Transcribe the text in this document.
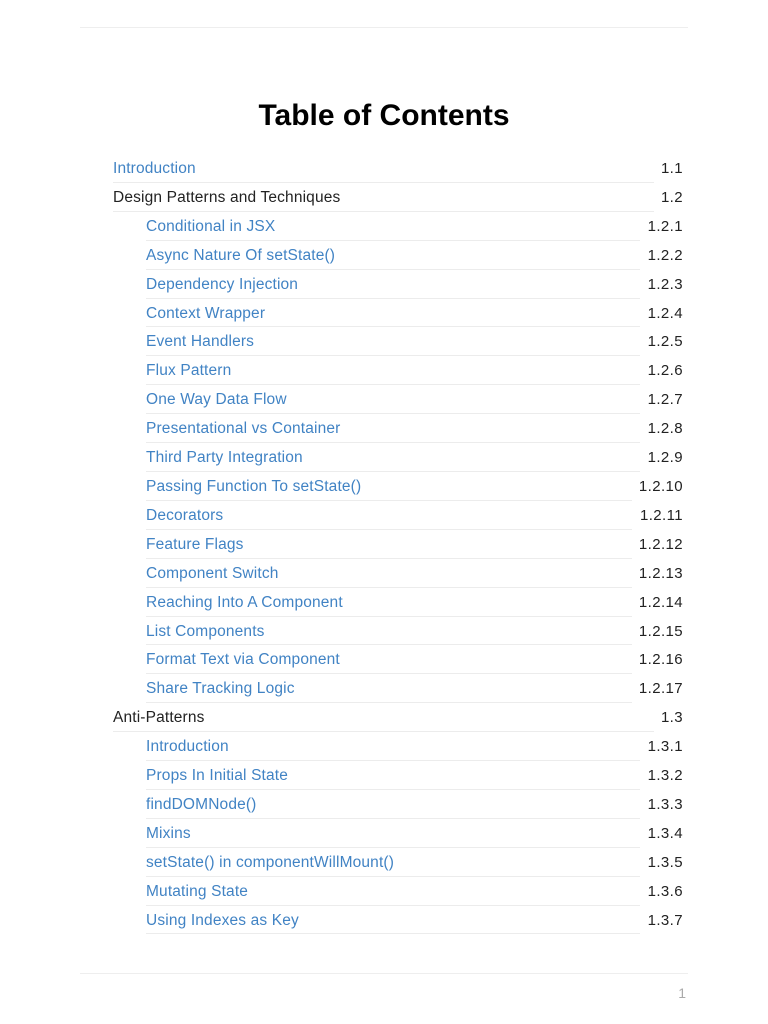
Table of Contents
Introduction	1.1
Design Patterns and Techniques	1.2
Conditional in JSX	1.2.1
Async Nature Of setState()	1.2.2
Dependency Injection	1.2.3
Context Wrapper	1.2.4
Event Handlers	1.2.5
Flux Pattern	1.2.6
One Way Data Flow	1.2.7
Presentational vs Container	1.2.8
Third Party Integration	1.2.9
Passing Function To setState()	1.2.10
Decorators	1.2.11
Feature Flags	1.2.12
Component Switch	1.2.13
Reaching Into A Component	1.2.14
List Components	1.2.15
Format Text via Component	1.2.16
Share Tracking Logic	1.2.17
Anti-Patterns	1.3
Introduction	1.3.1
Props In Initial State	1.3.2
findDOMNode()	1.3.3
Mixins	1.3.4
setState() in componentWillMount()	1.3.5
Mutating State	1.3.6
Using Indexes as Key	1.3.7
1
